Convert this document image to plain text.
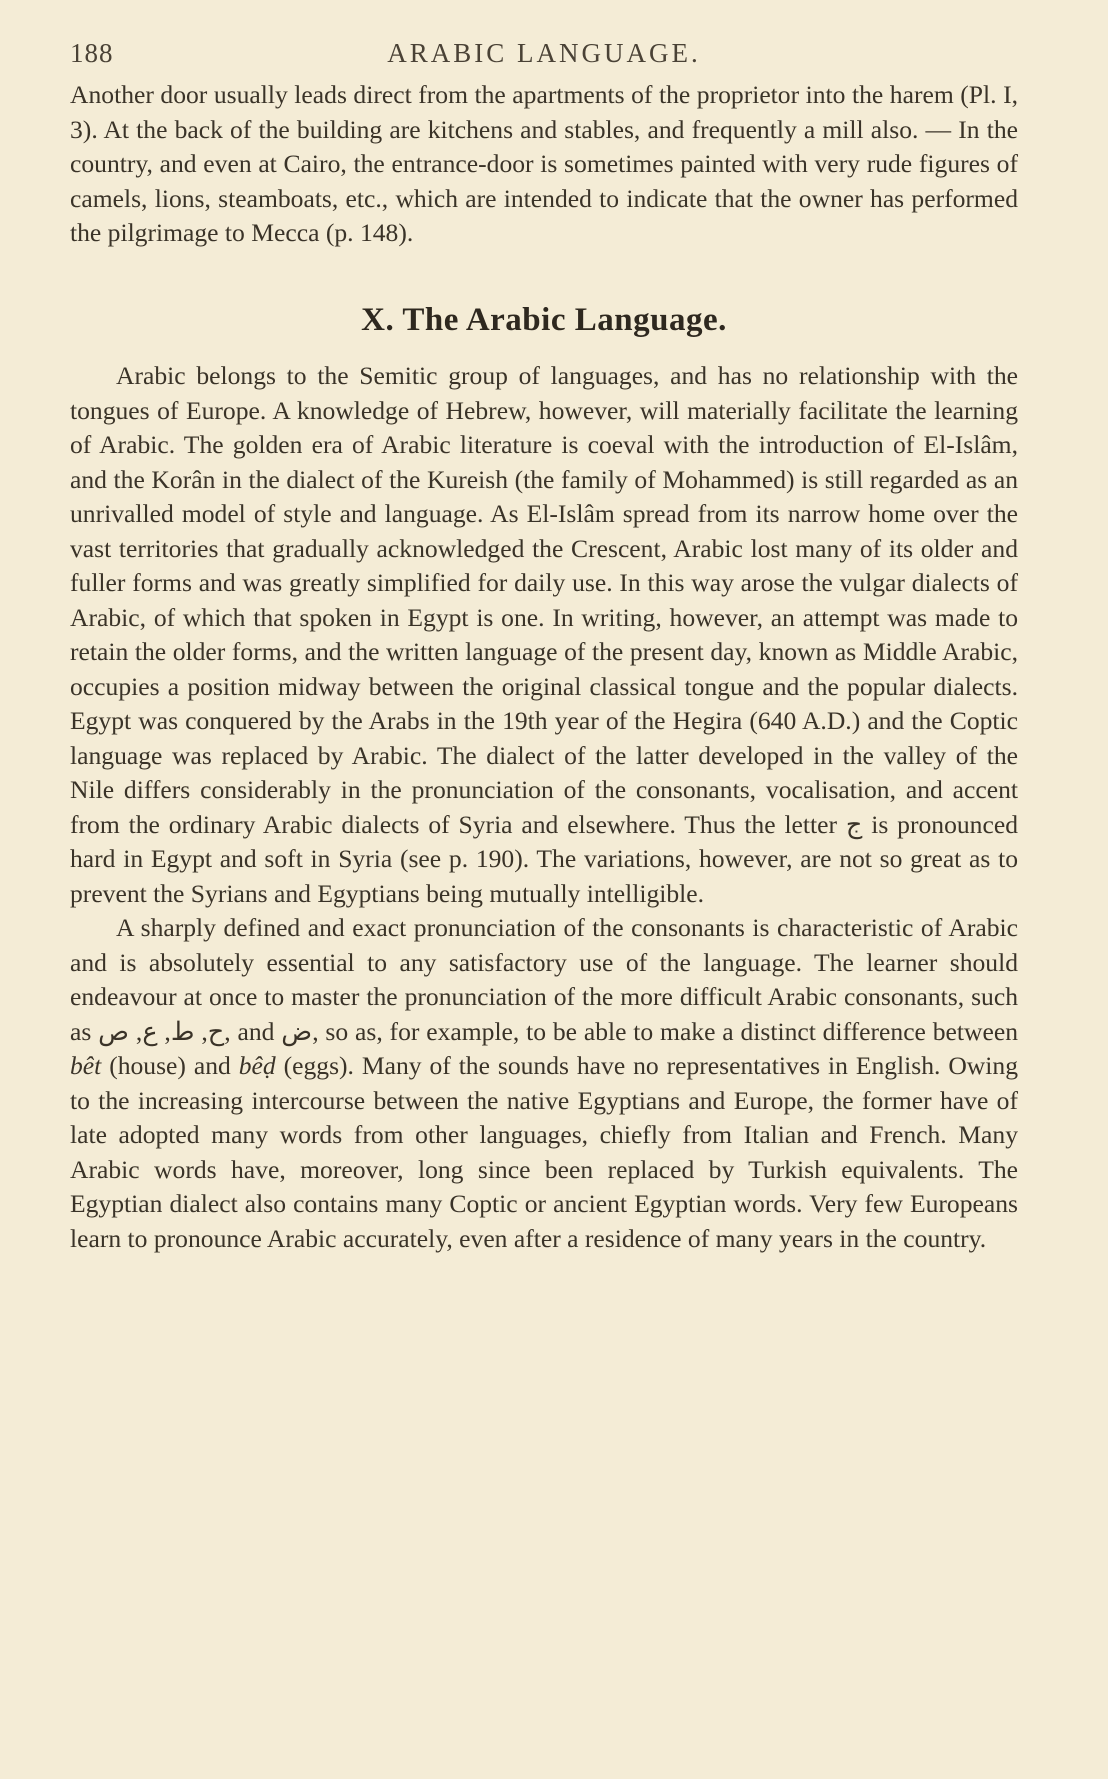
188	ARABIC LANGUAGE.

Another door usually leads direct from the apartments of the proprietor into the harem (Pl. I, 3). At the back of the building are kitchens and stables, and frequently a mill also. — In the country, and even at Cairo, the entrance-door is sometimes painted with very rude figures of camels, lions, steamboats, etc., which are intended to indicate that the owner has performed the pilgrimage to Mecca (p. 148).

X. The Arabic Language.

Arabic belongs to the Semitic group of languages, and has no relationship with the tongues of Europe. A knowledge of Hebrew, however, will materially facilitate the learning of Arabic. The golden era of Arabic literature is coeval with the introduction of El-Islâm, and the Korân in the dialect of the Kureish (the family of Mohammed) is still regarded as an unrivalled model of style and language. As El-Islâm spread from its narrow home over the vast territories that gradually acknowledged the Crescent, Arabic lost many of its older and fuller forms and was greatly simplified for daily use. In this way arose the vulgar dialects of Arabic, of which that spoken in Egypt is one. In writing, however, an attempt was made to retain the older forms, and the written language of the present day, known as Middle Arabic, occupies a position midway between the original classical tongue and the popular dialects. Egypt was conquered by the Arabs in the 19th year of the Hegira (640 A.D.) and the Coptic language was replaced by Arabic. The dialect of the latter developed in the valley of the Nile differs considerably in the pronunciation of the consonants, vocalisation, and accent from the ordinary Arabic dialects of Syria and elsewhere. Thus the letter ج is pronounced hard in Egypt and soft in Syria (see p. 190). The variations, however, are not so great as to prevent the Syrians and Egyptians being mutually intelligible.

A sharply defined and exact pronunciation of the consonants is characteristic of Arabic and is absolutely essential to any satisfactory use of the language. The learner should endeavour at once to master the pronunciation of the more difficult Arabic consonants, such as ح, ط, ع, ص, and ض, so as, for example, to be able to make a distinct difference between bêt (house) and bêḍ (eggs). Many of the sounds have no representatives in English. Owing to the increasing intercourse between the native Egyptians and Europe, the former have of late adopted many words from other languages, chiefly from Italian and French. Many Arabic words have, moreover, long since been replaced by Turkish equivalents. The Egyptian dialect also contains many Coptic or ancient Egyptian words. Very few Europeans learn to pronounce Arabic accurately, even after a residence of many years in the country.
